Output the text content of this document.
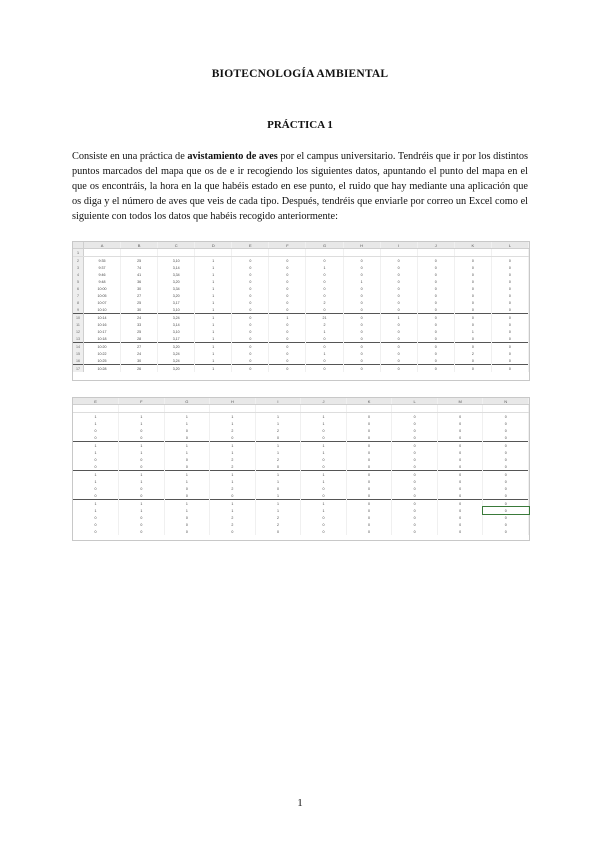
BIOTECNOLOGÍA AMBIENTAL
PRÁCTICA 1

Consiste en una práctica de avistamiento de aves por el campus universitario. Tendréis que ir por los distintos puntos marcados del mapa que os de e ir recogiendo los siguientes datos, apuntando el punto del mapa en el que os encontráis, la hora en la que habéis estado en ese punto, el ruido que hay mediante una aplicación que os diga y el número de aves que veis de cada tipo. Después, tendréis que enviarle por correo un Excel como el siguiente con todos los datos que habéis recogido anteriormente:

	A	B	C	D	E	F	G	H	I	J	K	L
1												
2	9:35	25	3,10	1	0	0	0	0	0	0	0	0
3	9:37	74	3,14	1	0	0	1	0	0	0	0	0
4	9:46	41	3,34	1	0	0	0	0	0	0	0	0
5	9:48	36	3,20	1	0	0	0	1	0	0	0	0
6	10:00	30	3,34	1	0	0	0	0	0	0	0	0
7	10:05	27	3,20	1	0	0	0	0	0	0	0	0
8	10:07	25	3,17	1	0	0	2	0	0	0	0	0
9	10:10	30	3,10	1	0	0	0	0	0	0	0	0
10	10:14	24	3,24	1	0	1	21	0	1	0	0	0
11	10:16	33	3,14	1	0	0	2	0	0	0	0	0
12	10:17	25	3,10	1	0	0	1	0	0	0	1	0
13	10:18	28	3,17	1	0	0	0	0	0	0	0	0
14	10:20	27	3,20	1	0	0	0	0	0	0	0	0
15	10:22	24	3,24	1	0	0	1	0	0	0	2	0
16	10:25	30	3,24	1	0	0	0	0	0	0	0	0
17	10:28	26	3,20	1	0	0	0	0	0	0	0	0
E	F	G	H	I	J	K	L	M	N

1	1	1	1	1	1	0	0	0	0
1	1	1	1	1	1	0	0	0	0
0	0	0	2	2	0	0	0	0	0
0	0	0	0	0	0	0	0	0	0
1	1	1	1	1	1	0	0	0	0
1	1	1	1	1	1	0	0	0	0
0	0	0	2	2	0	0	0	0	0
0	0	0	2	0	0	0	0	0	0
1	1	1	1	1	1	0	0	0	0
1	1	1	1	1	1	0	0	0	0
0	0	0	2	0	0	0	0	0	0
0	0	0	0	1	0	0	0	0	0
1	1	1	1	1	1	0	0	0	0
1	1	1	1	1	1	0	0	0	0
0	0	0	2	2	0	0	0	0	0
0	0	0	2	2	0	0	0	0	0
0	0	0	0	0	0	0	0	0	0
1
